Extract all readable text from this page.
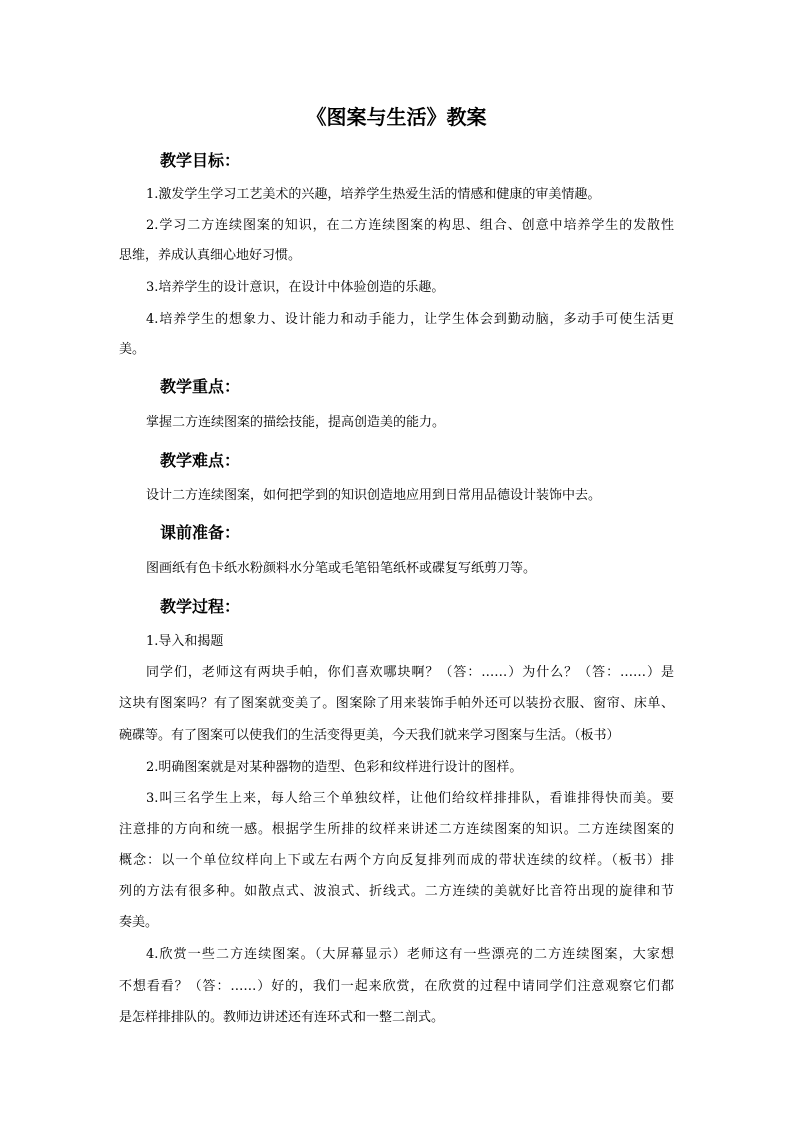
《图案与生活》教案
教学目标：
1.激发学生学习工艺美术的兴趣，培养学生热爱生活的情感和健康的审美情趣。
2.学习二方连续图案的知识，在二方连续图案的构思、组合、创意中培养学生的发散性
思维，养成认真细心地好习惯。
3.培养学生的设计意识，在设计中体验创造的乐趣。
4.培养学生的想象力、设计能力和动手能力，让学生体会到勤动脑，多动手可使生活更
美。
教学重点：
掌握二方连续图案的描绘技能，提高创造美的能力。
教学难点：
设计二方连续图案，如何把学到的知识创造地应用到日常用品德设计装饰中去。
课前准备：
图画纸有色卡纸水粉颜料水分笔或毛笔铅笔纸杯或碟复写纸剪刀等。
教学过程：
1.导入和揭题
同学们，老师这有两块手帕，你们喜欢哪块啊？（答：……）为什么？（答：……）是
这块有图案吗？有了图案就变美了。图案除了用来装饰手帕外还可以装扮衣服、窗帘、床单、
碗碟等。有了图案可以使我们的生活变得更美，今天我们就来学习图案与生活。（板书）
2.明确图案就是对某种器物的造型、色彩和纹样进行设计的图样。
3.叫三名学生上来，每人给三个单独纹样，让他们给纹样排排队，看谁排得快而美。要
注意排的方向和统一感。根据学生所排的纹样来讲述二方连续图案的知识。二方连续图案的
概念：以一个单位纹样向上下或左右两个方向反复排列而成的带状连续的纹样。（板书）排
列的方法有很多种。如散点式、波浪式、折线式。二方连续的美就好比音符出现的旋律和节
奏美。
4.欣赏一些二方连续图案。（大屏幕显示）老师这有一些漂亮的二方连续图案，大家想
不想看看？（答：……）好的，我们一起来欣赏，在欣赏的过程中请同学们注意观察它们都
是怎样排排队的。教师边讲述还有连环式和一整二剖式。
